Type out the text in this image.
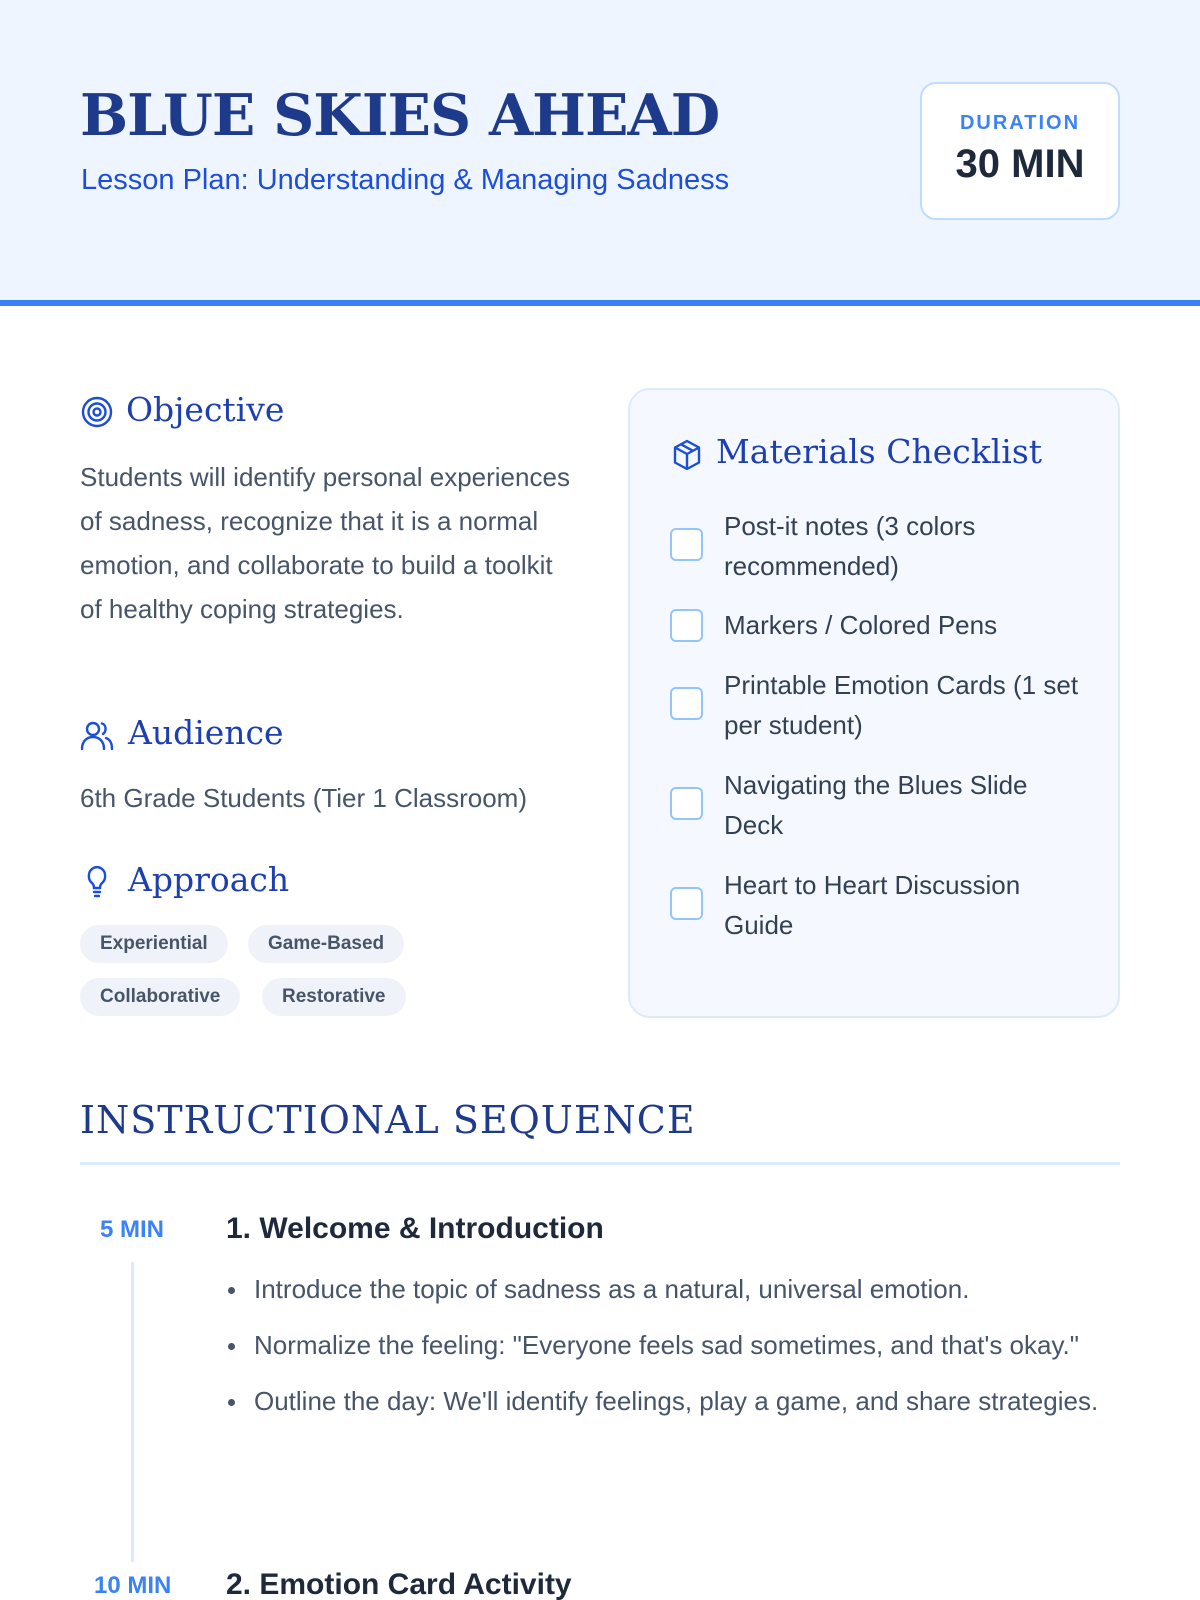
BLUE SKIES AHEAD
Lesson Plan: Understanding & Managing Sadness
DURATION
30 MIN
Objective
Students will identify personal experiences of sadness, recognize that it is a normal emotion, and collaborate to build a toolkit of healthy coping strategies.
Audience
6th Grade Students (Tier 1 Classroom)
Approach
Experiential	Game-Based
Collaborative	Restorative
Materials Checklist
Post-it notes (3 colors recommended)
Markers / Colored Pens
Printable Emotion Cards (1 set per student)
Navigating the Blues Slide Deck
Heart to Heart Discussion Guide
INSTRUCTIONAL SEQUENCE
5 MIN 1. Welcome & Introduction
Introduce the topic of sadness as a natural, universal emotion.
Normalize the feeling: "Everyone feels sad sometimes, and that's okay."
Outline the day: We'll identify feelings, play a game, and share strategies.
10 MIN 2. Emotion Card Activity
